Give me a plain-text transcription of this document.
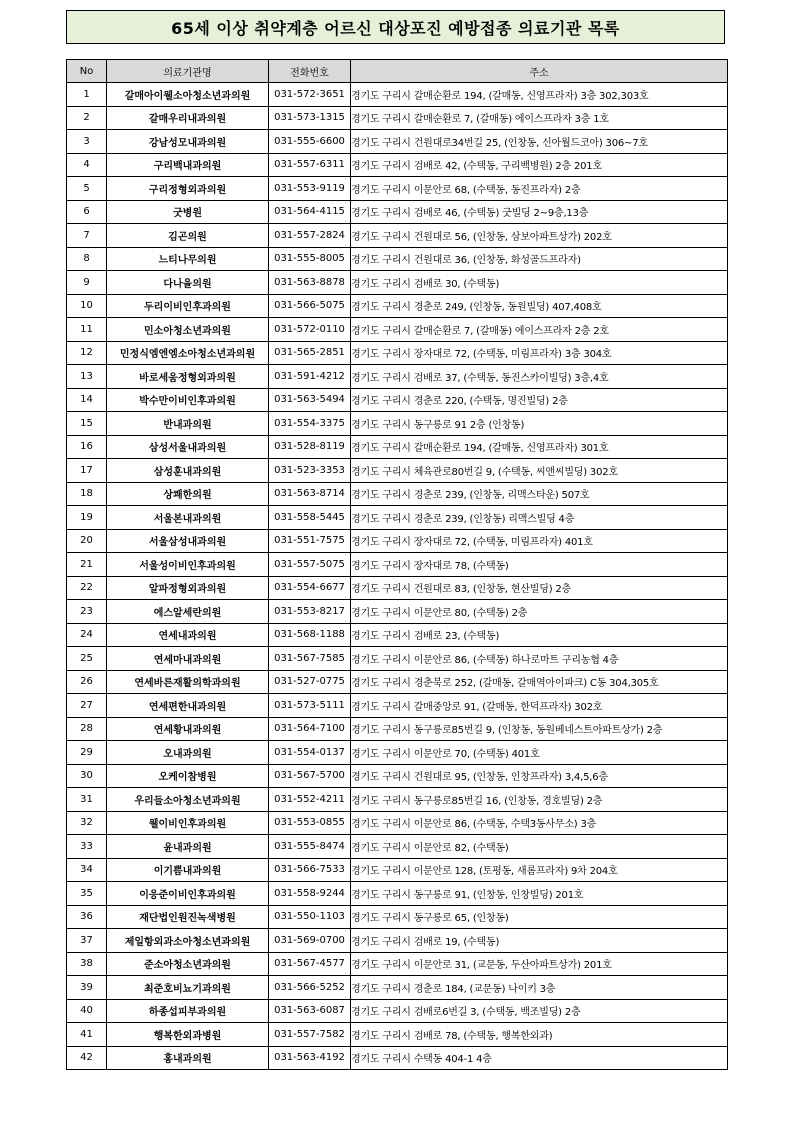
65세 이상 취약계층 어르신 대상포진 예방접종 의료기관 목록
No	의료기관명	전화번호	주소
1	갈매아이웰소아청소년과의원	031-572-3651	경기도 구리시 갈매순환로 194, (갈매동, 신영프라자) 3층 302,303호
2	갈매우리내과의원	031-573-1315	경기도 구리시 갈매순환로 7, (갈매동) 에이스프라자 3층 1호
3	강남성모내과의원	031-555-6600	경기도 구리시 건원대로34번길 25, (인창동, 신아월드코아) 306~7호
4	구리백내과의원	031-557-6311	경기도 구리시 검배로 42, (수택동, 구리백병원) 2층 201호
5	구리정형외과의원	031-553-9119	경기도 구리시 이문안로 68, (수택동, 동진프라자) 2층
6	굿병원	031-564-4115	경기도 구리시 검배로 46, (수택동) 굿빌딩 2~9층,13층
7	김곤의원	031-557-2824	경기도 구리시 건원대로 56, (인창동, 삼보아파트상가) 202호
8	느티나무의원	031-555-8005	경기도 구리시 건원대로 36, (인창동, 화성골드프라자)
9	다나을의원	031-563-8878	경기도 구리시 검배로 30, (수택동)
10	두리이비인후과의원	031-566-5075	경기도 구리시 경춘로 249, (인창동, 동원빌딩) 407,408호
11	민소아청소년과의원	031-572-0110	경기도 구리시 갈매순환로 7, (갈매동) 에이스프라자 2층 2호
12	민정식엠엔엠소아청소년과의원	031-565-2851	경기도 구리시 장자대로 72, (수택동, 미림프라자) 3층 304호
13	바로세움정형외과의원	031-591-4212	경기도 구리시 검배로 37, (수택동, 동진스카이빌딩) 3층,4호
14	박수만이비인후과의원	031-563-5494	경기도 구리시 경춘로 220, (수택동, 명진빌딩) 2층
15	반내과의원	031-554-3375	경기도 구리시 동구릉로 91 2층 (인창동)
16	삼성서울내과의원	031-528-8119	경기도 구리시 갈매순환로 194, (갈매동, 신영프라자) 301호
17	삼성훈내과의원	031-523-3353	경기도 구리시 체육관로80번길 9, (수택동, 씨앤씨빌딩) 302호
18	상쾌한의원	031-563-8714	경기도 구리시 경춘로 239, (인창동, 리맥스타운) 507호
19	서울본내과의원	031-558-5445	경기도 구리시 경춘로 239, (인창동) 리맥스빌딩 4층
20	서울삼성내과의원	031-551-7575	경기도 구리시 장자대로 72, (수택동, 미림프라자) 401호
21	서울성이비인후과의원	031-557-5075	경기도 구리시 장자대로 78, (수택동)
22	알파정형외과의원	031-554-6677	경기도 구리시 건원대로 83, (인창동, 현산빌딩) 2층
23	에스알세란의원	031-553-8217	경기도 구리시 이문안로 80, (수택동) 2층
24	연세내과의원	031-568-1188	경기도 구리시 검배로 23, (수택동)
25	연세마내과의원	031-567-7585	경기도 구리시 이문안로 86, (수택동) 하나로마트 구리농협 4층
26	연세바른재활의학과의원	031-527-0775	경기도 구리시 경춘북로 252, (갈매동, 갈매역아이파크) C동 304,305호
27	연세편한내과의원	031-573-5111	경기도 구리시 갈매중앙로 91, (갈매동, 한덕프라자) 302호
28	연세황내과의원	031-564-7100	경기도 구리시 동구릉로85번길 9, (인창동, 동원베네스트아파트상가) 2층
29	오내과의원	031-554-0137	경기도 구리시 이문안로 70, (수택동) 401호
30	오케이참병원	031-567-5700	경기도 구리시 건원대로 95, (인창동, 인창프라자) 3,4,5,6층
31	우리들소아청소년과의원	031-552-4211	경기도 구리시 동구릉로85번길 16, (인창동, 경호빌딩) 2층
32	웰이비인후과의원	031-553-0855	경기도 구리시 이문안로 86, (수택동, 수택3동사무소) 3층
33	윤내과의원	031-555-8474	경기도 구리시 이문안로 82, (수택동)
34	이기쁨내과의원	031-566-7533	경기도 구리시 이문안로 128, (토평동, 새롬프라자) 9차 204호
35	이응준이비인후과의원	031-558-9244	경기도 구리시 동구릉로 91, (인창동, 인창빌딩) 201호
36	재단법인원진녹색병원	031-550-1103	경기도 구리시 동구릉로 65, (인창동)
37	제일항외과소아청소년과의원	031-569-0700	경기도 구리시 검배로 19, (수택동)
38	준소아청소년과의원	031-567-4577	경기도 구리시 이문안로 31, (교문동, 두산아파트상가) 201호
39	최준호비뇨기과의원	031-566-5252	경기도 구리시 경춘로 184, (교문동) 나이키 3층
40	하종섭피부과의원	031-563-6087	경기도 구리시 검배로6번길 3, (수택동, 백조빌딩) 2층
41	행복한외과병원	031-557-7582	경기도 구리시 검배로 78, (수택동, 행복한외과)
42	홍내과의원	031-563-4192	경기도 구리시 수택동 404-1 4층
